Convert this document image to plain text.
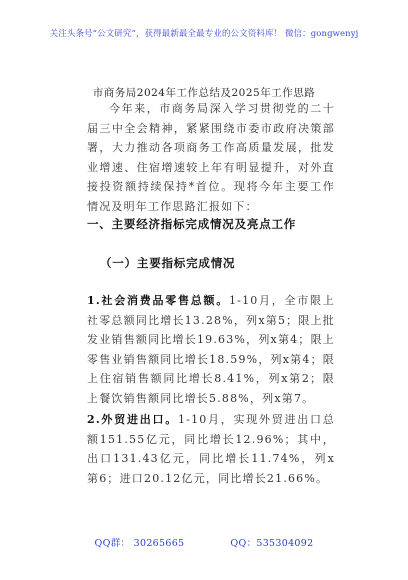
关注头条号“公文研究”，获得最新最全最专业的公文资料库！ 微信：gongwenyj
市商务局2024年工作总结及2025年工作思路
今年来，市商务局深入学习贯彻党的二十届三中全会精神，紧紧围绕市委市政府决策部署，大力推动各项商务工作高质量发展，批发业增速、住宿增速较上年有明显提升，对外直接投资额持续保持*首位。现将今年主要工作情况及明年工作思路汇报如下：
一、主要经济指标完成情况及亮点工作
（一）主要指标完成情况
1.社会消费品零售总额。1-10月，全市限上社零总额同比增长13.28%，列x第5；限上批发业销售额同比增长19.63%，列x第4；限上零售业销售额同比增长18.59%，列x第4；限上住宿销售额同比增长8.41%，列x第2；限上餐饮销售额同比增长5.88%，列x第7。
2.外贸进出口。1-10月，实现外贸进出口总额151.55亿元，同比增长12.96%；其中，出口131.43亿元，同比增长11.74%，列x第6；进口20.12亿元，同比增长21.66%。
QQ群： 30265665	QQ：535304092
